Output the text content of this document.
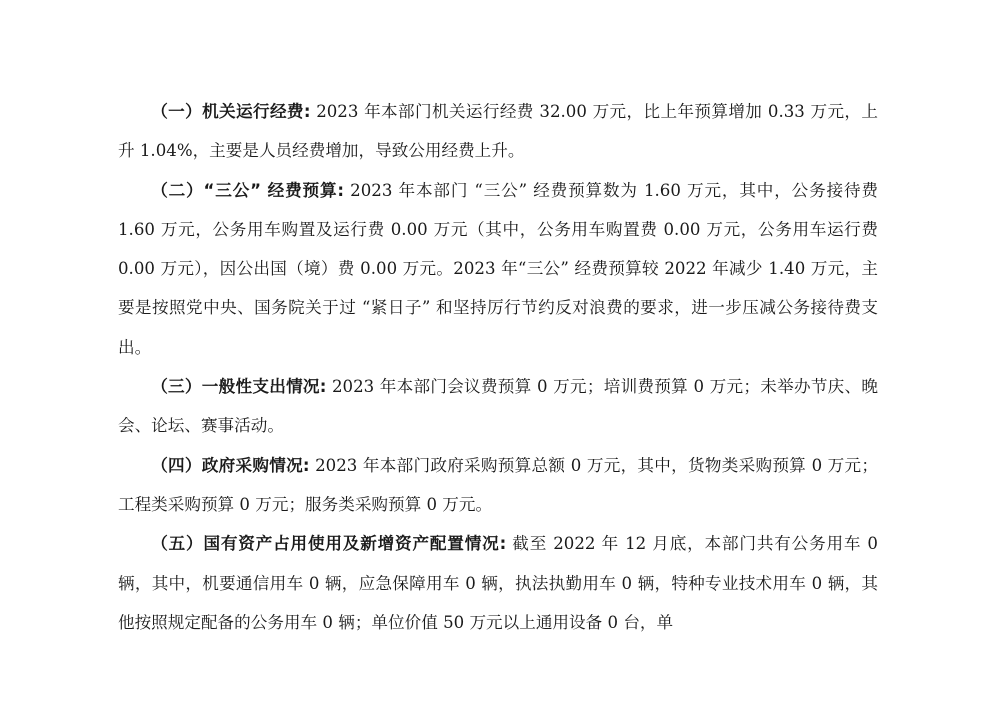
（一）机关运行经费: 2023 年本部门机关运行经费 32.00 万元，比上年预算增加 0.33 万元，上升 1.04%，主要是人员经费增加，导致公用经费上升。

（二）“三公” 经费预算: 2023 年本部门 “三公” 经费预算数为 1.60 万元，其中，公务接待费 1.60 万元，公务用车购置及运行费 0.00 万元（其中，公务用车购置费 0.00 万元，公务用车运行费 0.00 万元），因公出国（境）费 0.00 万元。2023 年“三公” 经费预算较 2022 年减少 1.40 万元，主要是按照党中央、国务院关于过 “紧日子” 和坚持厉行节约反对浪费的要求，进一步压减公务接待费支出。

（三）一般性支出情况: 2023 年本部门会议费预算 0 万元；培训费预算 0 万元；未举办节庆、晚会、论坛、赛事活动。

（四）政府采购情况: 2023 年本部门政府采购预算总额 0 万元，其中，货物类采购预算 0 万元；工程类采购预算 0 万元；服务类采购预算 0 万元。

（五）国有资产占用使用及新增资产配置情况: 截至 2022 年 12 月底，本部门共有公务用车 0 辆，其中，机要通信用车 0 辆，应急保障用车 0 辆，执法执勤用车 0 辆，特种专业技术用车 0 辆，其他按照规定配备的公务用车 0 辆；单位价值 50 万元以上通用设备 0 台，单
